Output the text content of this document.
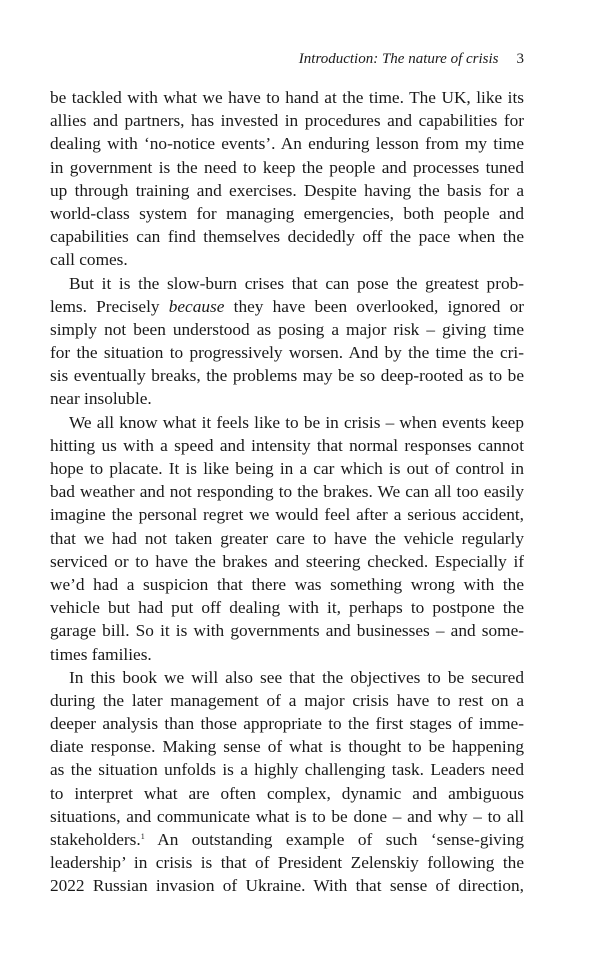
Introduction: The nature of crisis 3
be tackled with what we have to hand at the time. The UK, like its
allies and partners, has invested in procedures and capabilities for
dealing with ‘no-notice events’. An enduring lesson from my time
in government is the need to keep the people and processes tuned
up through training and exercises. Despite having the basis for a
world-class system for managing emergencies, both people and
capabilities can find themselves decidedly off the pace when the
call comes.
But it is the slow-burn crises that can pose the greatest prob-
lems. Precisely because they have been overlooked, ignored or
simply not been understood as posing a major risk – giving time
for the situation to progressively worsen. And by the time the cri-
sis eventually breaks, the problems may be so deep-rooted as to be
near insoluble.
We all know what it feels like to be in crisis – when events keep
hitting us with a speed and intensity that normal responses cannot
hope to placate. It is like being in a car which is out of control in
bad weather and not responding to the brakes. We can all too easily
imagine the personal regret we would feel after a serious accident,
that we had not taken greater care to have the vehicle regularly
serviced or to have the brakes and steering checked. Especially if
we’d had a suspicion that there was something wrong with the
vehicle but had put off dealing with it, perhaps to postpone the
garage bill. So it is with governments and businesses – and some-
times families.
In this book we will also see that the objectives to be secured
during the later management of a major crisis have to rest on a
deeper analysis than those appropriate to the first stages of imme-
diate response. Making sense of what is thought to be happening
as the situation unfolds is a highly challenging task. Leaders need
to interpret what are often complex, dynamic and ambiguous
situations, and communicate what is to be done – and why – to all
stakeholders.$^1$ An outstanding example of such ‘sense-giving
leadership’ in crisis is that of President Zelenskiy following the
2022 Russian invasion of Ukraine. With that sense of direction,
